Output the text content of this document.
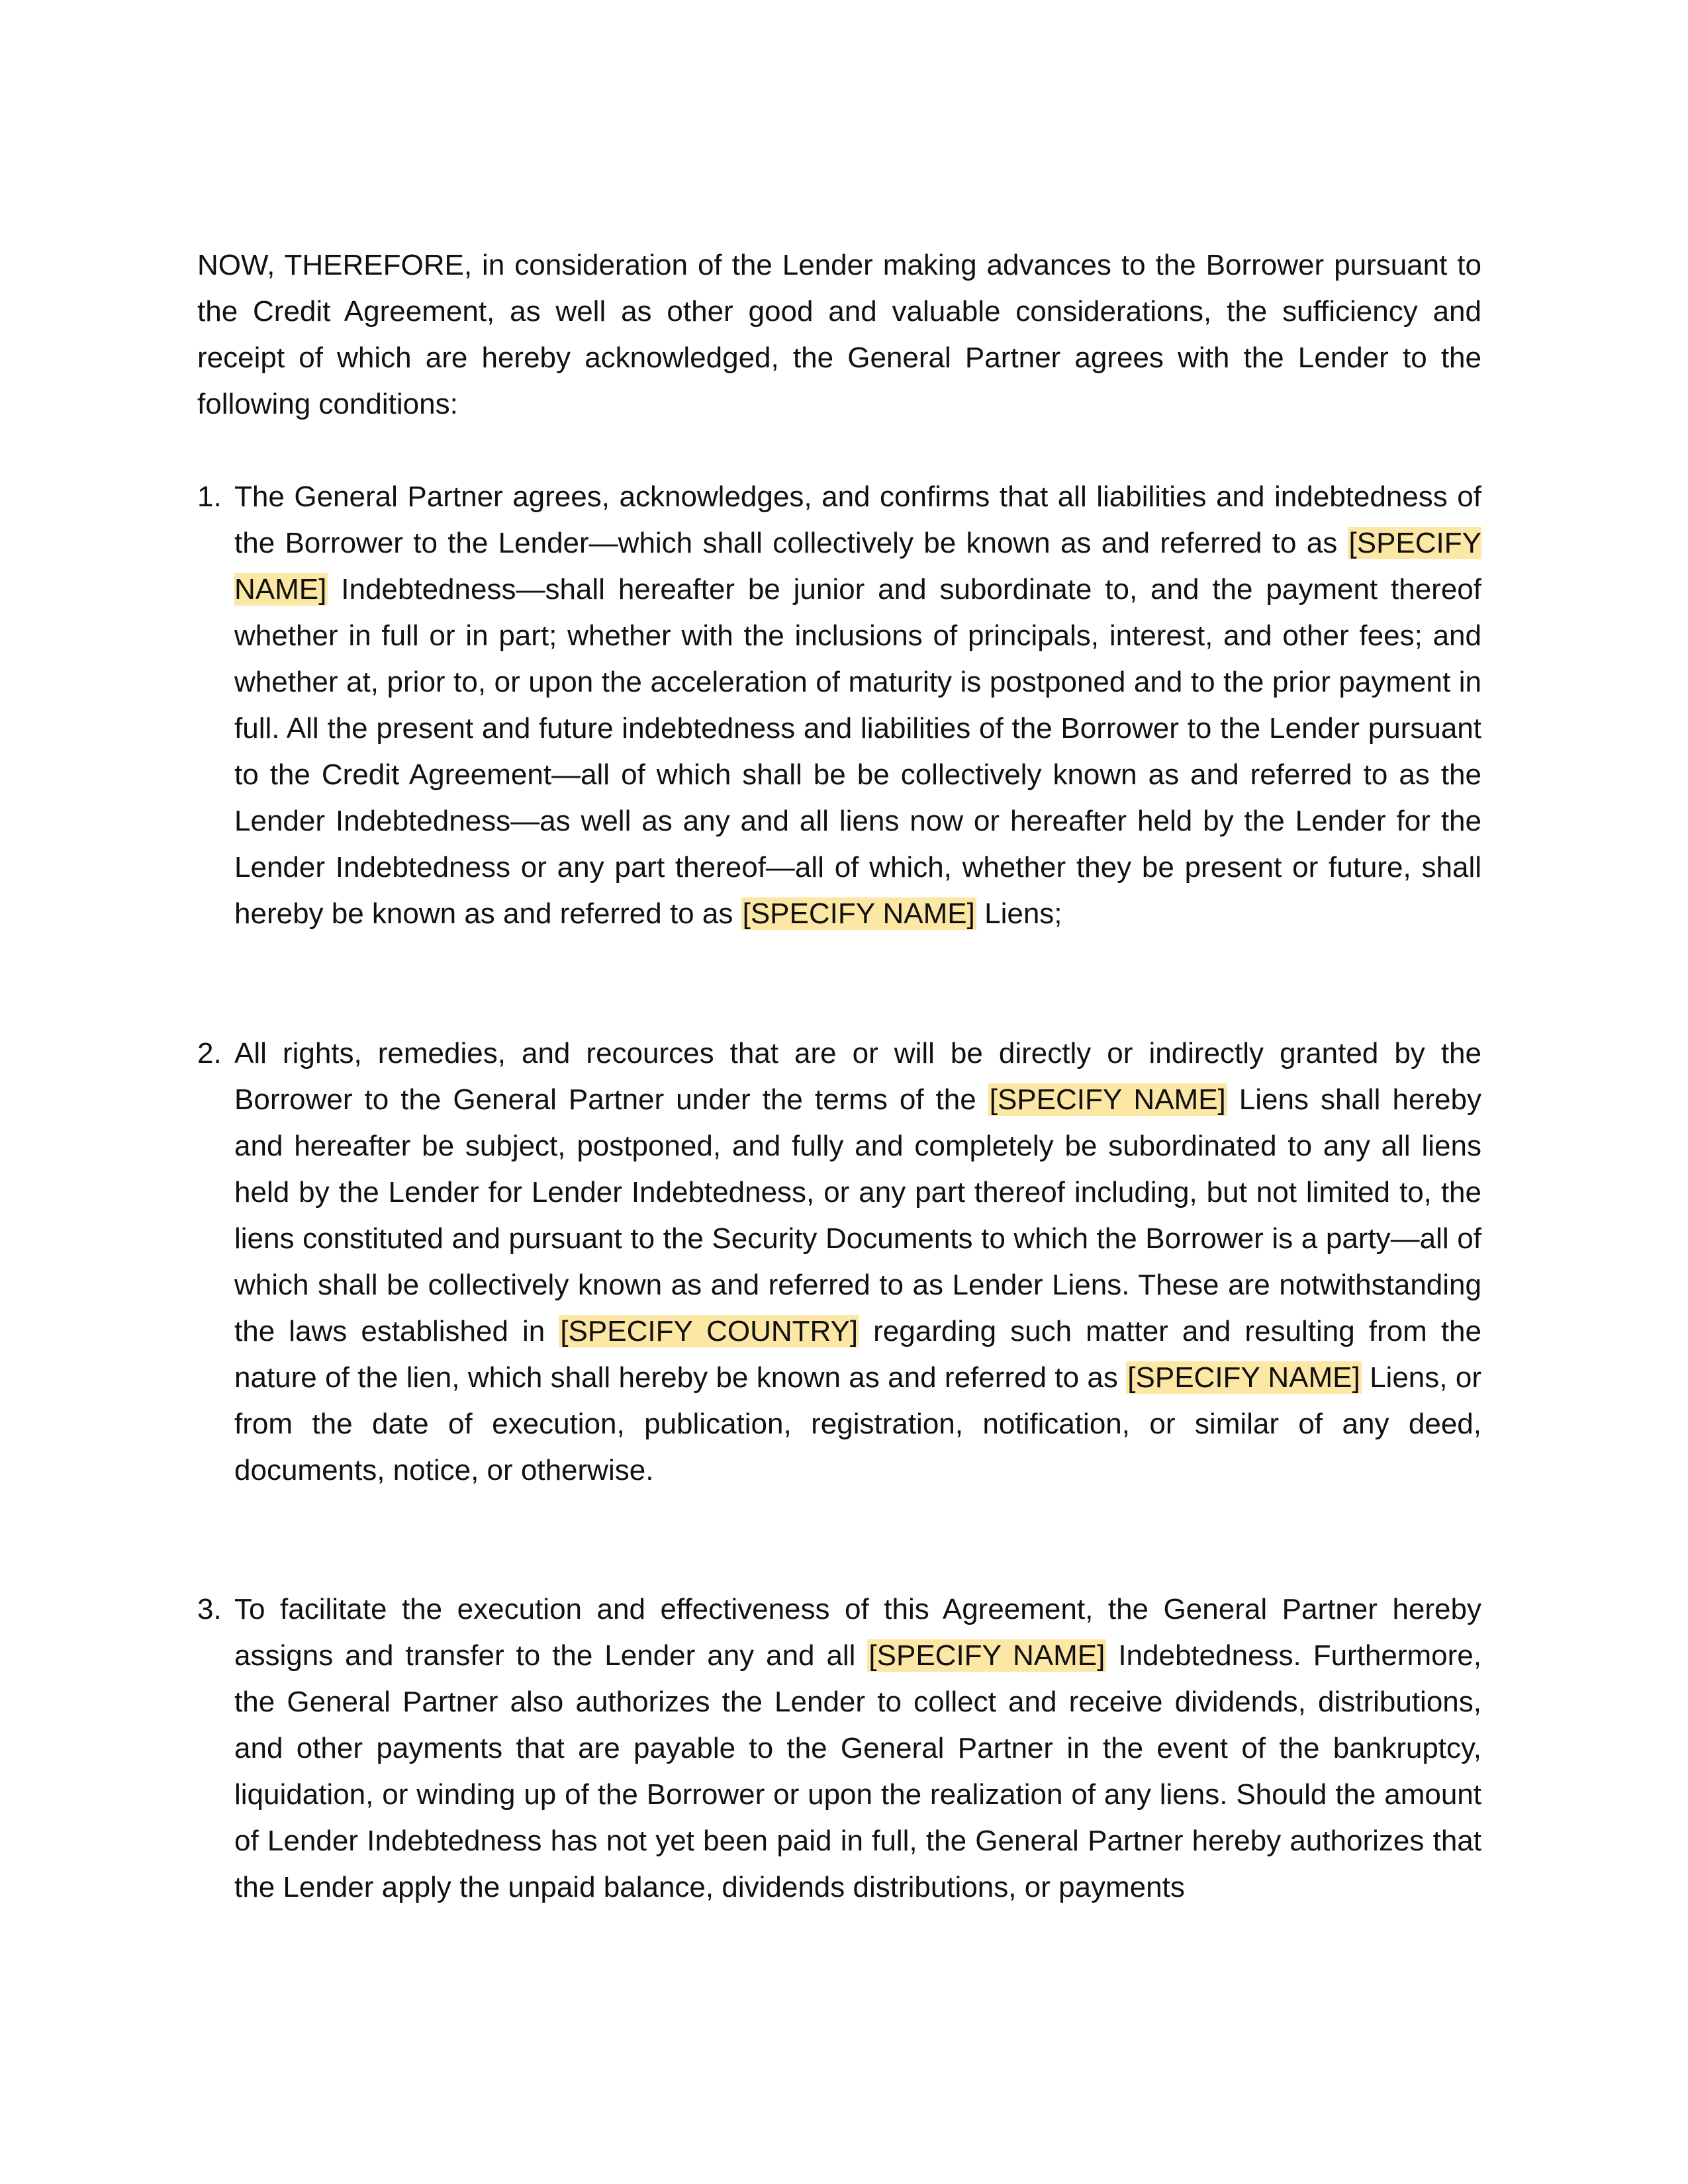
NOW, THEREFORE, in consideration of the Lender making advances to the Borrower pursuant to the Credit Agreement, as well as other good and valuable considerations, the sufficiency and receipt of which are hereby acknowledged, the General Partner agrees with the Lender to the following conditions:

1. The General Partner agrees, acknowledges, and confirms that all liabilities and indebtedness of the Borrower to the Lender—which shall collectively be known as and referred to as [SPECIFY NAME] Indebtedness—shall hereafter be junior and subordinate to, and the payment thereof whether in full or in part; whether with the inclusions of principals, interest, and other fees; and whether at, prior to, or upon the acceleration of maturity is postponed and to the prior payment in full. All the present and future indebtedness and liabilities of the Borrower to the Lender pursuant to the Credit Agreement—all of which shall be be collectively known as and referred to as the Lender Indebtedness—as well as any and all liens now or hereafter held by the Lender for the Lender Indebtedness or any part thereof—all of which, whether they be present or future, shall hereby be known as and referred to as [SPECIFY NAME] Liens;
2. All rights, remedies, and recources that are or will be directly or indirectly granted by the Borrower to the General Partner under the terms of the [SPECIFY NAME] Liens shall hereby and hereafter be subject, postponed, and fully and completely be subordinated to any all liens held by the Lender for Lender Indebtedness, or any part thereof including, but not limited to, the liens constituted and pursuant to the Security Documents to which the Borrower is a party—all of which shall be collectively known as and referred to as Lender Liens. These are notwithstanding the laws established in [SPECIFY COUNTRY] regarding such matter and resulting from the nature of the lien, which shall hereby be known as and referred to as [SPECIFY NAME] Liens, or from the date of execution, publication, registration, notification, or similar of any deed, documents, notice, or otherwise.
3. To facilitate the execution and effectiveness of this Agreement, the General Partner hereby assigns and transfer to the Lender any and all [SPECIFY NAME] Indebtedness. Furthermore, the General Partner also authorizes the Lender to collect and receive dividends, distributions, and other payments that are payable to the General Partner in the event of the bankruptcy, liquidation, or winding up of the Borrower or upon the realization of any liens. Should the amount of Lender Indebtedness has not yet been paid in full, the General Partner hereby authorizes that the Lender apply the unpaid balance, dividends distributions, or payments
